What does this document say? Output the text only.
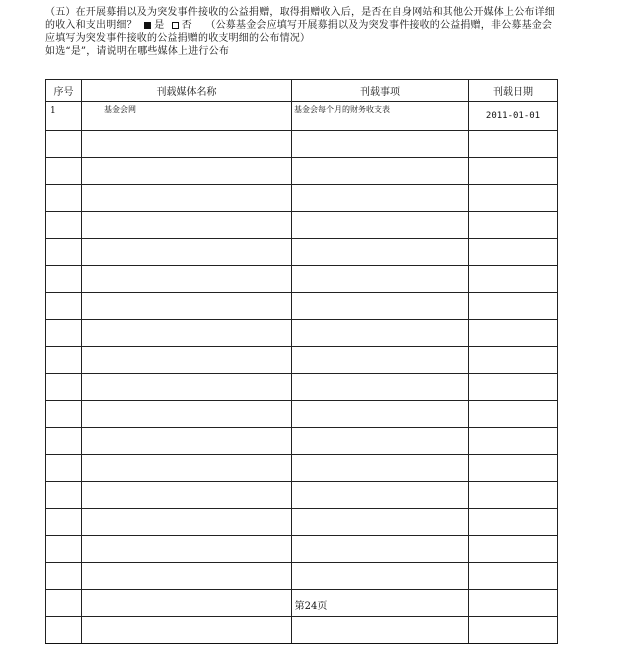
（五）在开展募捐以及为突发事件接收的公益捐赠，取得捐赠收入后，是否在自身网站和其他公开媒体上公布详细
的收入和支出明细？ 是 否 （公募基金会应填写开展募捐以及为突发事件接收的公益捐赠，非公募基金会
应填写为突发事件接收的公益捐赠的收支明细的公布情况）
如选“是”，请说明在哪些媒体上进行公布
序号	刊载媒体名称	刊载事项	刊载日期
1	基金会网	基金会每个月的财务收支表	2011-01-01

第24页
